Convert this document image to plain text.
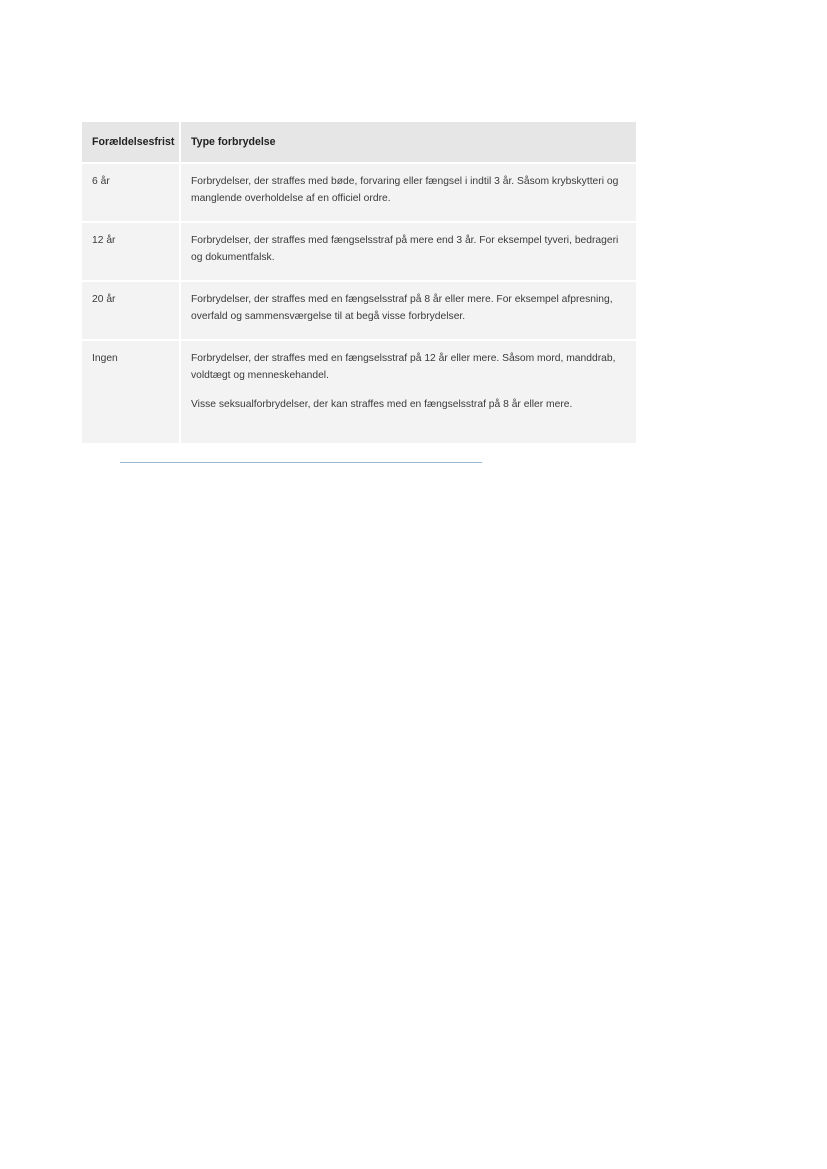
Forældelsesfrist	Type forbrydelse
6 år	Forbrydelser, der straffes med bøde, forvaring eller fængsel i indtil 3 år. Såsom krybskytteri og manglende overholdelse af en officiel ordre.

12 år	Forbrydelser, der straffes med fængselsstraf på mere end 3 år. For eksempel tyveri, bedrageri og dokumentfalsk.

20 år	Forbrydelser, der straffes med en fængselsstraf på 8 år eller mere. For eksempel afpresning, overfald og sammensværgelse til at begå visse forbrydelser.

Ingen	Forbrydelser, der straffes med en fængselsstraf på 12 år eller mere. Såsom mord, manddrab, voldtægt og menneskehandel.
Visse seksualforbrydelser, der kan straffes med en fængselsstraf på 8 år eller mere.
